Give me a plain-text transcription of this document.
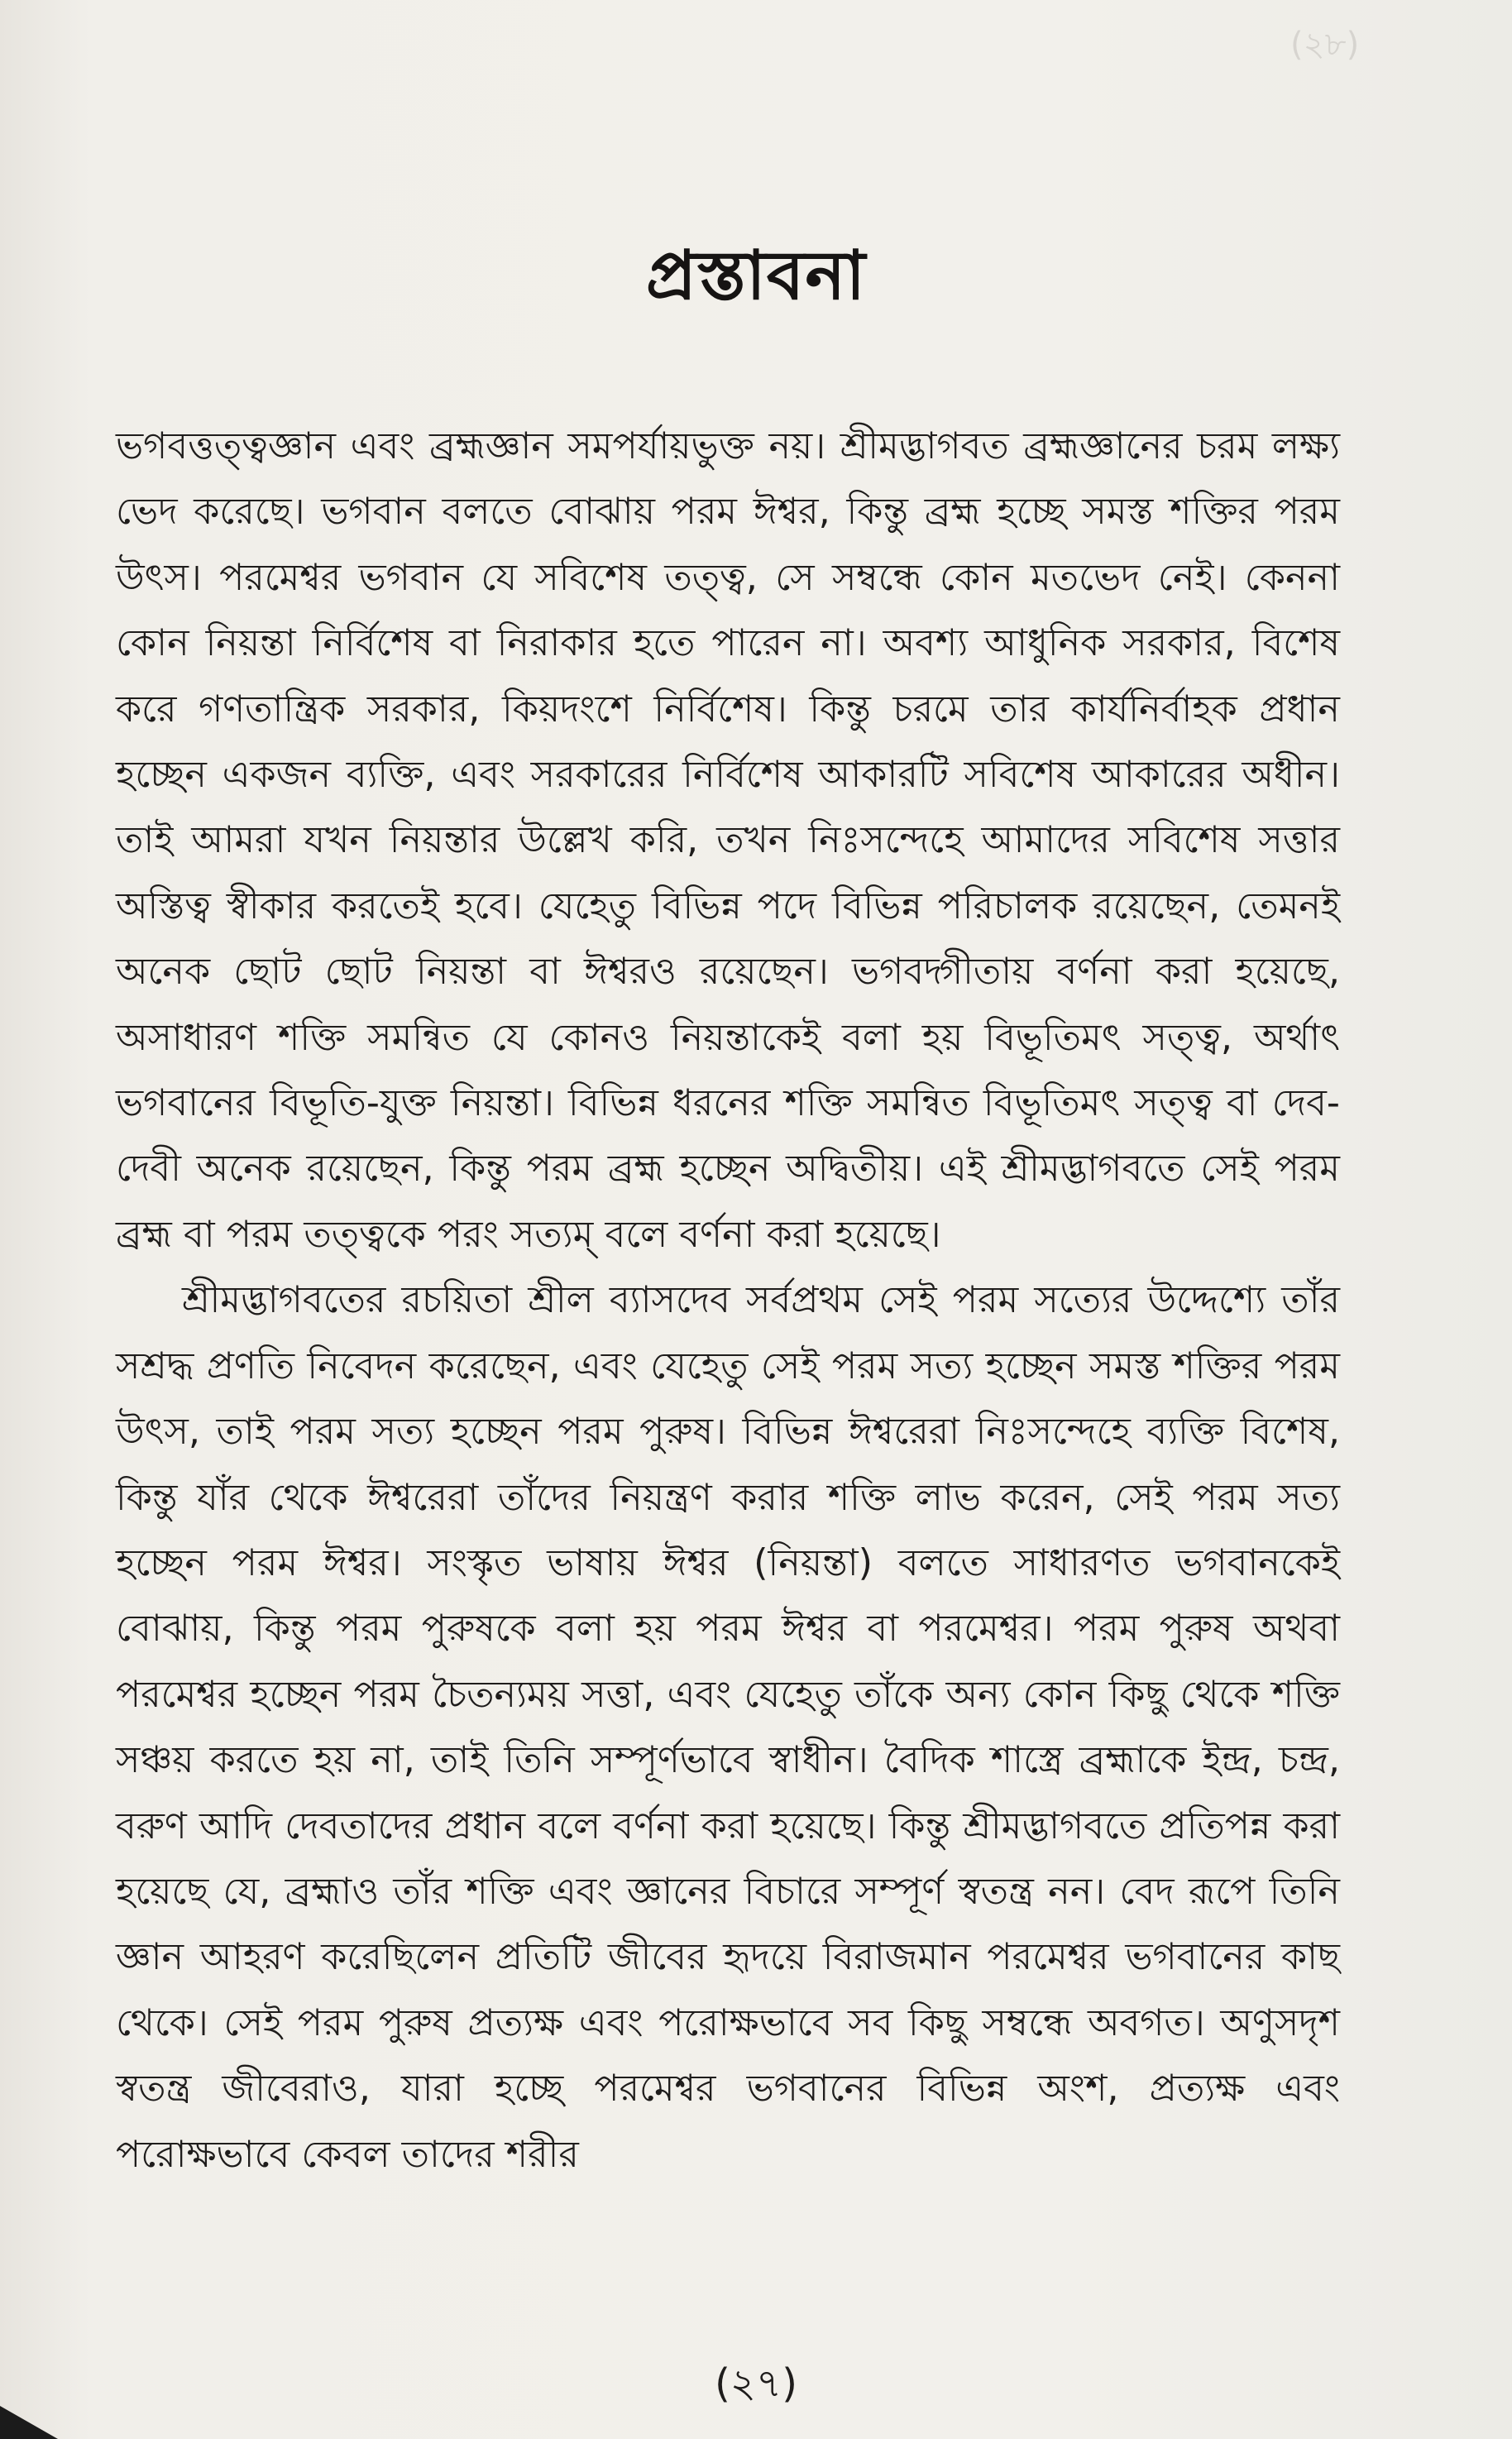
(২৮)
প্রস্তাবনা

ভগবত্তত্ত্বজ্ঞান এবং ব্রহ্মজ্ঞান সমপর্যায়ভুক্ত নয়। শ্রীমদ্ভাগবত ব্রহ্মজ্ঞানের চরম লক্ষ্য ভেদ করেছে। ভগবান বলতে বোঝায় পরম ঈশ্বর, কিন্তু ব্রহ্ম হচ্ছে সমস্ত শক্তির পরম উৎস। পরমেশ্বর ভগবান যে সবিশেষ তত্ত্ব, সে সম্বন্ধে কোন মতভেদ নেই। কেননা কোন নিয়ন্তা নির্বিশেষ বা নিরাকার হতে পারেন না। অবশ্য আধুনিক সরকার, বিশেষ করে গণতান্ত্রিক সরকার, কিয়দংশে নির্বিশেষ। কিন্তু চরমে তার কার্যনির্বাহক প্রধান হচ্ছেন একজন ব্যক্তি, এবং সরকারের নির্বিশেষ আকারটি সবিশেষ আকারের অধীন। তাই আমরা যখন নিয়ন্তার উল্লেখ করি, তখন নিঃসন্দেহে আমাদের সবিশেষ সত্তার অস্তিত্ব স্বীকার করতেই হবে। যেহেতু বিভিন্ন পদে বিভিন্ন পরিচালক রয়েছেন, তেমনই অনেক ছোট ছোট নিয়ন্তা বা ঈশ্বরও রয়েছেন। ভগবদ্গীতায় বর্ণনা করা হয়েছে, অসাধারণ শক্তি সমন্বিত যে কোনও নিয়ন্তাকেই বলা হয় বিভূতিমৎ সত্ত্ব, অর্থাৎ ভগবানের বিভূতি-যুক্ত নিয়ন্তা। বিভিন্ন ধরনের শক্তি সমন্বিত বিভূতিমৎ সত্ত্ব বা দেব-দেবী অনেক রয়েছেন, কিন্তু পরম ব্রহ্ম হচ্ছেন অদ্বিতীয়। এই শ্রীমদ্ভাগবতে সেই পরম ব্রহ্ম বা পরম তত্ত্বকে পরং সত্যম্ বলে বর্ণনা করা হয়েছে।

শ্রীমদ্ভাগবতের রচয়িতা শ্রীল ব্যাসদেব সর্বপ্রথম সেই পরম সত্যের উদ্দেশ্যে তাঁর সশ্রদ্ধ প্রণতি নিবেদন করেছেন, এবং যেহেতু সেই পরম সত্য হচ্ছেন সমস্ত শক্তির পরম উৎস, তাই পরম সত্য হচ্ছেন পরম পুরুষ। বিভিন্ন ঈশ্বরেরা নিঃসন্দেহে ব্যক্তি বিশেষ, কিন্তু যাঁর থেকে ঈশ্বরেরা তাঁদের নিয়ন্ত্রণ করার শক্তি লাভ করেন, সেই পরম সত্য হচ্ছেন পরম ঈশ্বর। সংস্কৃত ভাষায় ঈশ্বর (নিয়ন্তা) বলতে সাধারণত ভগবানকেই বোঝায়, কিন্তু পরম পুরুষকে বলা হয় পরম ঈশ্বর বা পরমেশ্বর। পরম পুরুষ অথবা পরমেশ্বর হচ্ছেন পরম চৈতন্যময় সত্তা, এবং যেহেতু তাঁকে অন্য কোন কিছু থেকে শক্তি সঞ্চয় করতে হয় না, তাই তিনি সম্পূর্ণভাবে স্বাধীন। বৈদিক শাস্ত্রে ব্রহ্মাকে ইন্দ্র, চন্দ্র, বরুণ আদি দেবতাদের প্রধান বলে বর্ণনা করা হয়েছে। কিন্তু শ্রীমদ্ভাগবতে প্রতিপন্ন করা হয়েছে যে, ব্রহ্মাও তাঁর শক্তি এবং জ্ঞানের বিচারে সম্পূর্ণ স্বতন্ত্র নন। বেদ রূপে তিনি জ্ঞান আহরণ করেছিলেন প্রতিটি জীবের হৃদয়ে বিরাজমান পরমেশ্বর ভগবানের কাছ থেকে। সেই পরম পুরুষ প্রত্যক্ষ এবং পরোক্ষভাবে সব কিছু সম্বন্ধে অবগত। অণুসদৃশ স্বতন্ত্র জীবেরাও, যারা হচ্ছে পরমেশ্বর ভগবানের বিভিন্ন অংশ, প্রত্যক্ষ এবং পরোক্ষভাবে কেবল তাদের শরীর

(২৭)
